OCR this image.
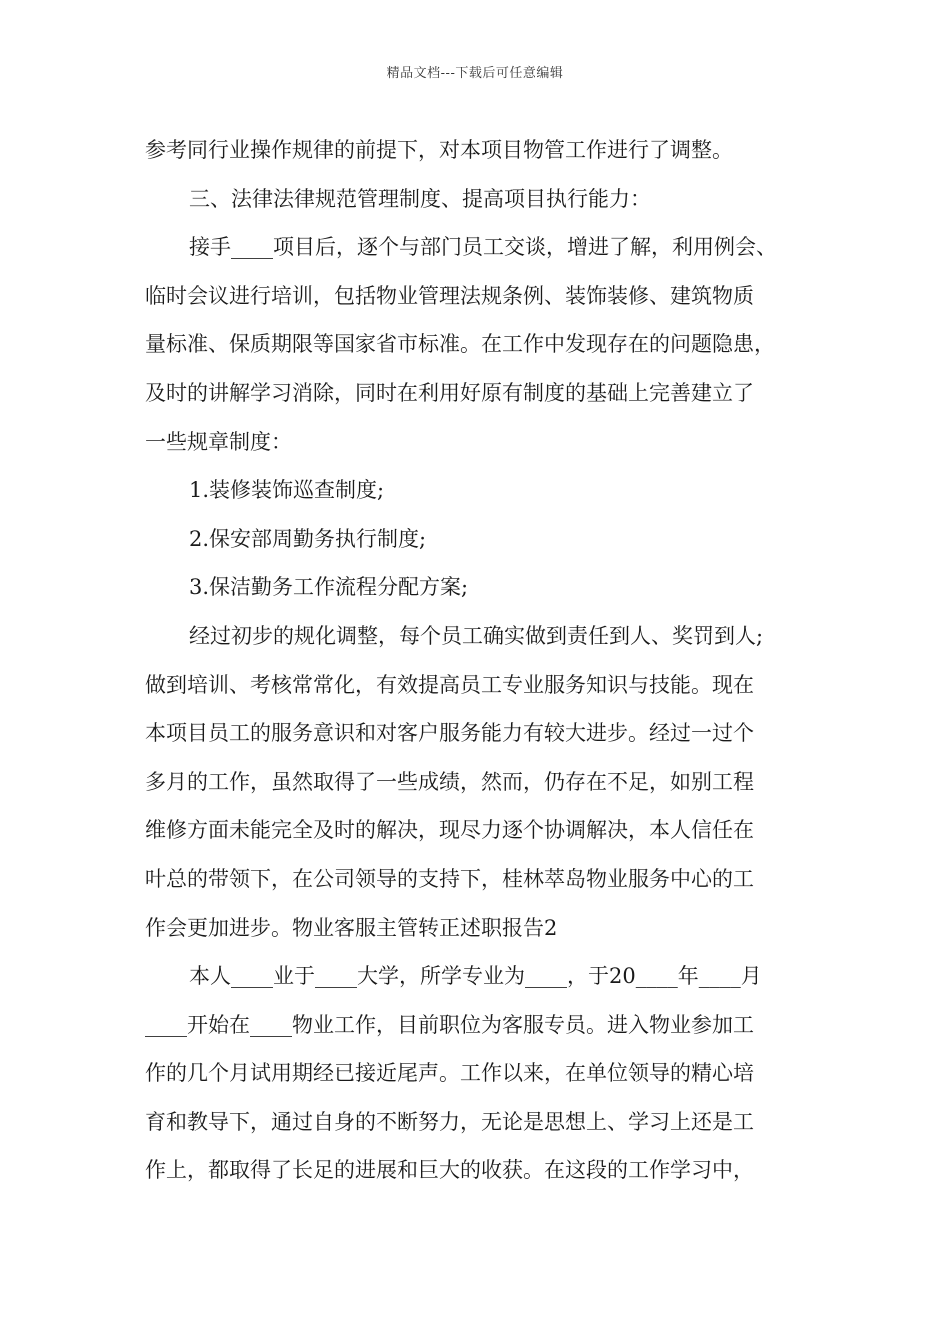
精品文档---下载后可任意编辑
参考同行业操作规律的前提下，对本项目物管工作进行了调整。
三、法律法律规范管理制度、提高项目执行能力：
接手____项目后，逐个与部门员工交谈，增进了解，利用例会、
临时会议进行培训，包括物业管理法规条例、装饰装修、建筑物质
量标准、保质期限等国家省市标准。在工作中发现存在的问题隐患，
及时的讲解学习消除，同时在利用好原有制度的基础上完善建立了
一些规章制度：
1.装修装饰巡查制度;
2.保安部周勤务执行制度;
3.保洁勤务工作流程分配方案;
经过初步的规化调整，每个员工确实做到责任到人、奖罚到人;
做到培训、考核常常化，有效提高员工专业服务知识与技能。现在
本项目员工的服务意识和对客户服务能力有较大进步。经过一过个
多月的工作，虽然取得了一些成绩，然而，仍存在不足，如别工程
维修方面未能完全及时的解决，现尽力逐个协调解决，本人信任在
叶总的带领下，在公司领导的支持下，桂林萃岛物业服务中心的工
作会更加进步。物业客服主管转正述职报告2
本人____业于____大学，所学专业为____，于20____年____月
____开始在____物业工作，目前职位为客服专员。进入物业参加工
作的几个月试用期经已接近尾声。工作以来，在单位领导的精心培
育和教导下，通过自身的不断努力，无论是思想上、学习上还是工
作上，都取得了长足的进展和巨大的收获。在这段的工作学习中，
